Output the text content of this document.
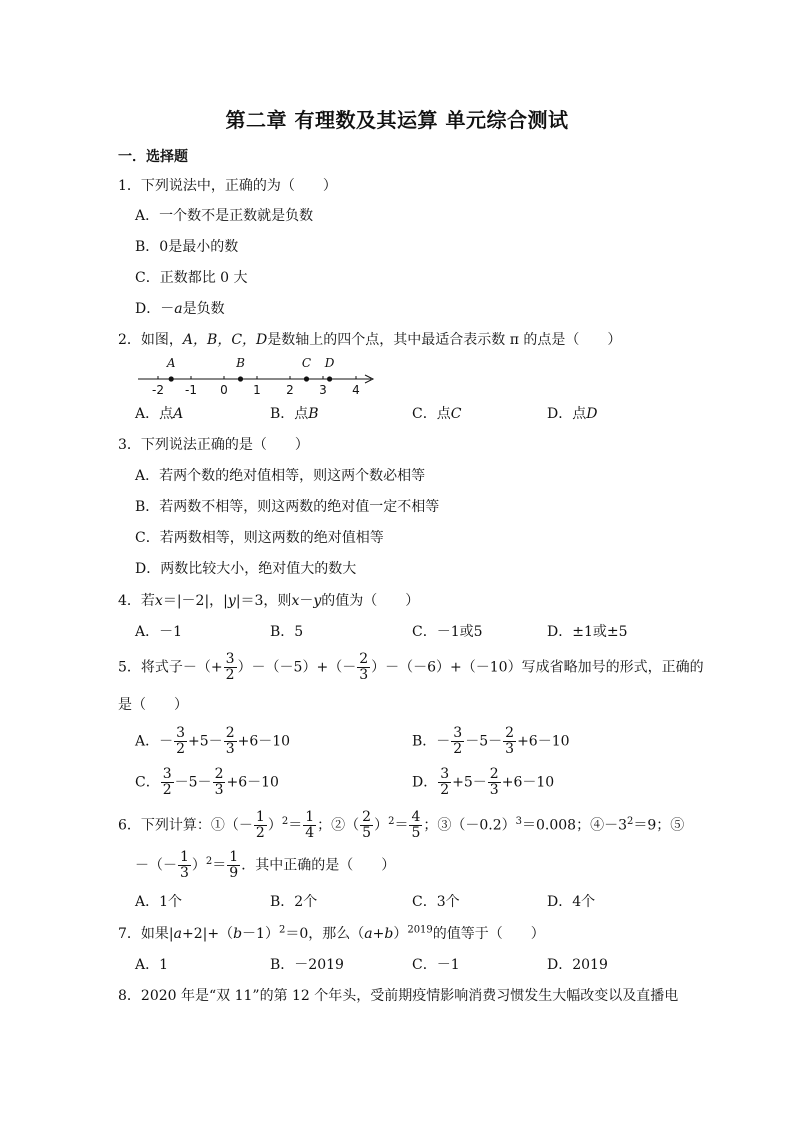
第二章 有理数及其运算 单元综合测试
一．选择题
1．下列说法中，正确的为（　　）
A．一个数不是正数就是负数
B．0是最小的数
C．正数都比 0 大
D．－a是负数
2．如图，A，B，C，D是数轴上的四个点，其中最适合表示数 π 的点是（　　）
-2 -1 0 1 2 3 4
A	B	C D
A．点A	B．点B	C．点C	D．点D
3．下列说法正确的是（　　）
A．若两个数的绝对值相等，则这两个数必相等
B．若两数不相等，则这两数的绝对值一定不相等
C．若两数相等，则这两数的绝对值相等
D．两数比较大小，绝对值大的数大
4．若x＝|－2|，|y|＝3，则x－y的值为（　　）
A．－1	B．5	C．－1或5	D．±1或±5
5．将式子－（+ $\frac{3}{2} )-(-5)+(- \frac{2}{3} )-(-6)+(-10)$写成省略加号的形式，正确的
是（　　）
A．－ $\frac{3}{2} +5- \frac{2}{3} +6-10$	B．－ $\frac{3}{2} -5- \frac{2}{3} +6-10$
C． $\frac{3}{2} -5- \frac{2}{3} +6-10$	D． $\frac{3}{2} +5- \frac{2}{3} +6-10$
6．下列计算：①（－ $\frac{1}{2} )^2= \frac{1}{4}$ ；②（ $\frac{2}{5} )^2= \frac{4}{5}$ ；$③(-0.2)^3=0.008$；$④-3^2=9$；⑤
－（－ $\frac{1}{3} )^2= \frac{1}{9}$ ．其中正确的是（　　）
A．1个	B．2个	C．3个	D．4个
7．如果$|a+2|+(b-1)^2=0$，那么$(a+b)^{2019}$的值等于（　　）
A．1	B．－2019	C．－1	D．2019
8．2020 年是“双 11”的第 12 个年头，受前期疫情影响消费习惯发生大幅改变以及直播电
